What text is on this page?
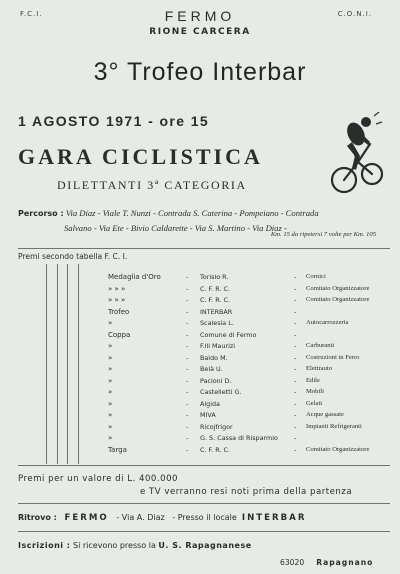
F.C.I.	C.O.N.I.
FERMO
RIONE CARCERA
3° Trofeo Interbar
1 AGOSTO 1971 - ore 15
GARA CICLISTICA
DILETTANTI 3ª CATEGORIA
Percorso : Via Diaz - Viale T. Nunzi - Contrada S. Caterina - Pompeiano - Contrada
Salvano - Via Ete - Bivio Caldarette - Via S. Martino - Via Diaz -
Km. 15 da ripetersi 7 volte per Km. 105
Premi secondo tabella F. C. I.
Medaglia d'Oro	- Torisio R.	- Cornici
» » »	- C. F. R. C.	- Comitato Organizzatore
» » »	- C. F. R. C.	- Comitato Organizzatore
Trofeo	- INTERBAR	-
»	- Scalesia L.	- Autocarrozzeria
Coppa	- Comune di Fermo	-
»	- F.lli Maurizi	- Carburanti
»	- Baldo M.	- Costruzioni in Ferro
»	- Belà U.	- Elettrauto
»	- Pacioni D.	- Edile
»	- Castelletti G.	- Mobili
»	- Algida	- Gelati
»	- MIVA	- Acque gassate
»	- Ricojfrigor	- Impianti Refrigeranti
»	- G. S. Cassa di Risparmio	-
Targa	- C. F. R. C.	- Comitato Organizzatore
Premi per un valore di L. 400.000
e TV verranno resi noti prima della partenza
Ritrovo : FERMO - Via A. Diaz - Presso il locale INTERBAR
Iscrizioni : Si ricevono presso la U. S. Rapagnanese
63020 Rapagnano
